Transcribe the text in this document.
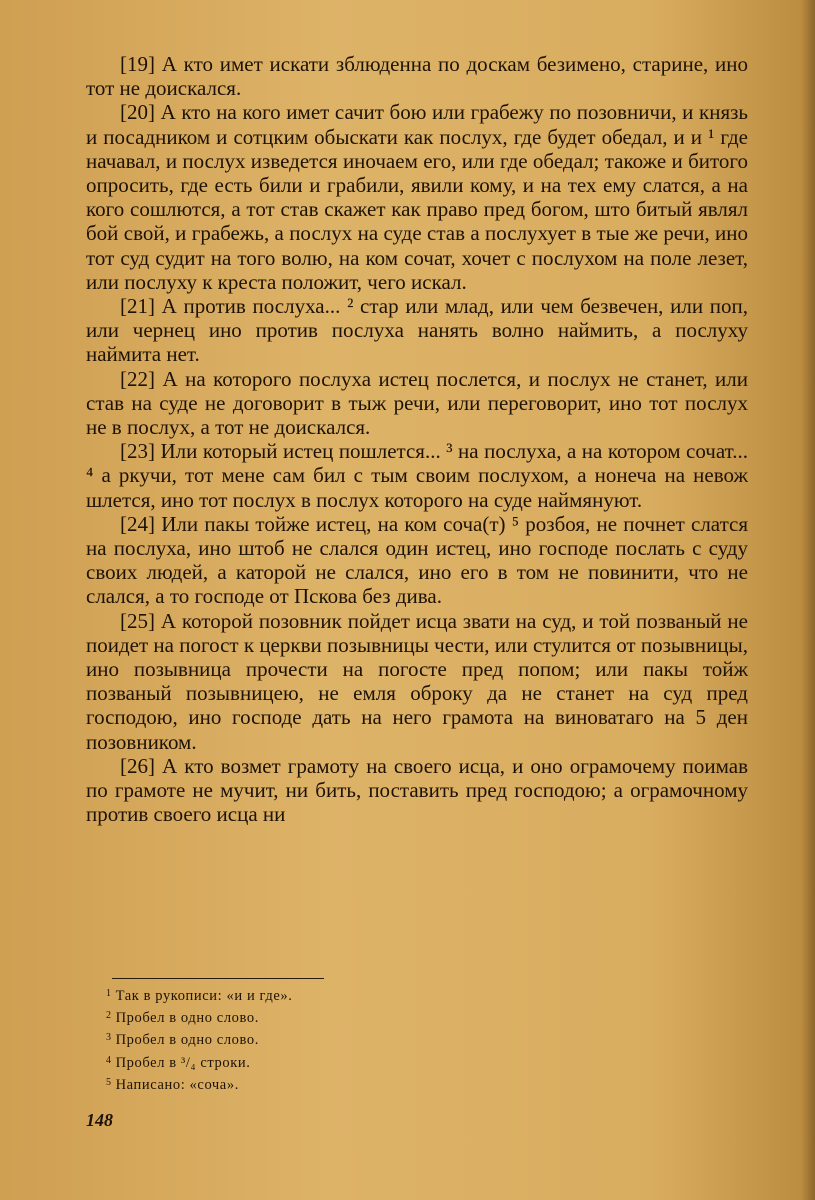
[19] А кто имет искати зблюденна по доскам безимено, старине, ино тот не доискался.

[20] А кто на кого имет сачит бою или грабежу по позовничи, и князь и посадником и сотцким обыскати как послух, где будет обедал, и и ¹ где начавал, и послух изведется иночаем его, или где обедал; такоже и битого опросить, где есть били и грабили, явили кому, и на тех ему слатся, а на кого сошлются, а тот став скажет как право пред богом, што битый являл бой свой, и грабежь, а послух на суде став а послухует в тые же речи, ино тот суд судит на того волю, на ком сочат, хочет с послухом на поле лезет, или послуху к креста положит, чего искал.

[21] А против послуха... ² стар или млад, или чем безвечен, или поп, или чернец ино против послуха нанять волно наймить, а послуху наймита нет.

[22] А на которого послуха истец послется, и послух не станет, или став на суде не договорит в тыж речи, или переговорит, ино тот послух не в послух, а тот не доискался.

[23] Или который истец пошлется... ³ на послуха, а на котором сочат... ⁴ а ркучи, тот мене сам бил с тым своим послухом, а нонеча на невож шлется, ино тот послух в послух которого на суде наймянуют.

[24] Или пакы тойже истец, на ком соча(т) ⁵ розбоя, не почнет слатся на послуха, ино штоб не слался один истец, ино господе послать с суду своих людей, а каторой не слался, ино его в том не повинити, что не слался, а то господе от Пскова без дива.

[25] А которой позовник пойдет исца звати на суд, и той позваный не поидет на погост к церкви позывницы чести, или стулится от позывницы, ино позывница прочести на погосте пред попом; или пакы тойж позваный позывницею, не емля оброку да не станет на суд пред господою, ино господе дать на него грамота на виноватаго на 5 ден позовником.

[26] А кто возмет грамоту на своего исца, и оно ограмочему поимав по грамоте не мучит, ни бить, поставить пред господою; а ограмочному против своего исца ни

$^1$ Так в рукописи: «и и где».
$^2$ Пробел в одно слово.
$^3$ Пробел в одно слово.
$^4$ Пробел в ³/₄ строки.
$^5$ Написано: «соча».
148
